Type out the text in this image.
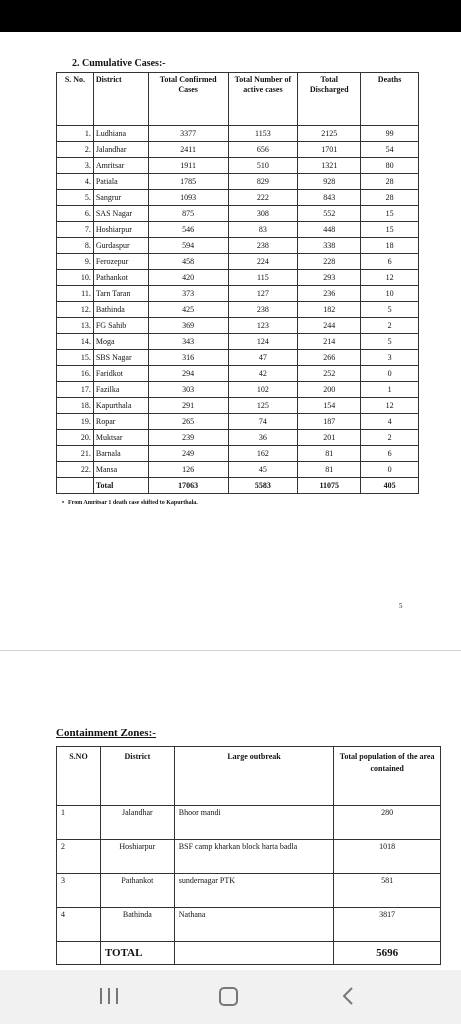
2. Cumulative Cases:-
S. No.	District	Total Confirmed Cases	Total Number of active cases	Total Discharged	Deaths
1.	Ludhiana	3377	1153	2125	99
2.	Jalandhar	2411	656	1701	54
3.	Amritsar	1911	510	1321	80
4.	Patiala	1785	829	928	28
5.	Sangrur	1093	222	843	28
6.	SAS Nagar	875	308	552	15
7.	Hoshiarpur	546	83	448	15
8.	Gurdaspur	594	238	338	18
9.	Ferozepur	458	224	228	6
10.	Pathankot	420	115	293	12
11.	Tarn Taran	373	127	236	10
12.	Bathinda	425	238	182	5
13.	FG Sahib	369	123	244	2
14.	Moga	343	124	214	5
15.	SBS Nagar	316	47	266	3
16.	Faridkot	294	42	252	0
17.	Fazilka	303	102	200	1
18.	Kapurthala	291	125	154	12
19.	Ropar	265	74	187	4
20.	Muktsar	239	36	201	2
21.	Barnala	249	162	81	6
22.	Mansa	126	45	81	0
	Total	17063	5583	11075	405
• From Amritsar 1 death case shifted to Kapurthala.
5
Containment Zones:-
S.NO	District	Large outbreak	Total population of the area contained
1	Jalandhar	Bhoor mandi	280
2	Hoshiarpur	BSF camp kharkan block harta badla	1018
3	Pathankot	sundernagar PTK	581
4	Bathinda	Nathana	3817
	TOTAL		5696
